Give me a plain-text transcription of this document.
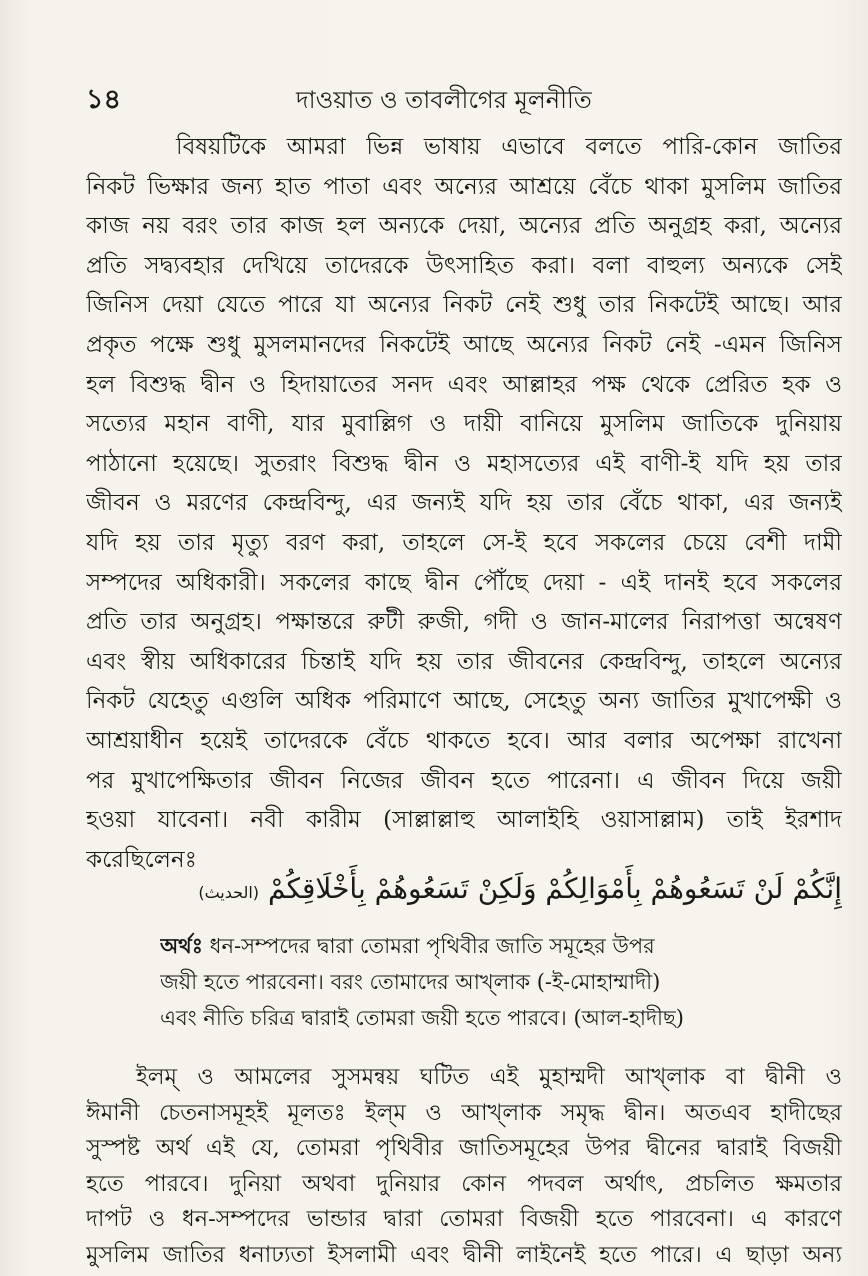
১৪	দাওয়াত ও তাবলীগের মূলনীতি
বিষয়টিকে আমরা ভিন্ন ভাষায় এভাবে বলতে পারি-কোন জাতির
নিকট ভিক্ষার জন্য হাত পাতা এবং অন্যের আশ্রয়ে বেঁচে থাকা মুসলিম জাতির
কাজ নয় বরং তার কাজ হল অন্যকে দেয়া, অন্যের প্রতি অনুগ্রহ করা, অন্যের
প্রতি সদ্ব্যবহার দেখিয়ে তাদেরকে উৎসাহিত করা। বলা বাহুল্য অন্যকে সেই
জিনিস দেয়া যেতে পারে যা অন্যের নিকট নেই শুধু তার নিকটেই আছে। আর
প্রকৃত পক্ষে শুধু মুসলমানদের নিকটেই আছে অন্যের নিকট নেই -এমন জিনিস
হল বিশুদ্ধ দ্বীন ও হিদায়াতের সনদ এবং আল্লাহর পক্ষ থেকে প্রেরিত হক ও
সত্যের মহান বাণী, যার মুবাল্লিগ ও দায়ী বানিয়ে মুসলিম জাতিকে দুনিয়ায়
পাঠানো হয়েছে। সুতরাং বিশুদ্ধ দ্বীন ও মহাসত্যের এই বাণী-ই যদি হয় তার
জীবন ও মরণের কেন্দ্রবিন্দু, এর জন্যই যদি হয় তার বেঁচে থাকা, এর জন্যই
যদি হয় তার মৃত্যু বরণ করা, তাহলে সে-ই হবে সকলের চেয়ে বেশী দামী
সম্পদের অধিকারী। সকলের কাছে দ্বীন পৌঁছে দেয়া - এই দানই হবে সকলের
প্রতি তার অনুগ্রহ। পক্ষান্তরে রুটী রুজী, গদী ও জান-মালের নিরাপত্তা অন্বেষণ
এবং স্বীয় অধিকারের চিন্তাই যদি হয় তার জীবনের কেন্দ্রবিন্দু, তাহলে অন্যের
নিকট যেহেতু এগুলি অধিক পরিমাণে আছে, সেহেতু অন্য জাতির মুখাপেক্ষী ও
আশ্রয়াধীন হয়েই তাদেরকে বেঁচে থাকতে হবে। আর বলার অপেক্ষা রাখেনা
পর মুখাপেক্ষিতার জীবন নিজের জীবন হতে পারেনা। এ জীবন দিয়ে জয়ী
হওয়া যাবেনা। নবী কারীম (সাল্লাল্লাহু আলাইহি ওয়াসাল্লাম) তাই ইরশাদ
করেছিলেনঃ
إِنَّكُمْ لَنْ تَسَعُوهُمْ بِأَمْوَالِكُمْ وَلَكِنْ تَسَعُوهُمْ بِأَخْلَاقِكُمْ (الحديث)
অর্থঃ ধন-সম্পদের দ্বারা তোমরা পৃথিবীর জাতি সমূহের উপর
জয়ী হতে পারবেনা। বরং তোমাদের আখ্‌লাক (-ই-মোহাম্মাদী)
এবং নীতি চরিত্র দ্বারাই তোমরা জয়ী হতে পারবে। (আল-হাদীছ)
ইলম্ ও আমলের সুসমন্বয় ঘটিত এই মুহাম্মদী আখ্‌লাক বা দ্বীনী ও
ঈমানী চেতনাসমূহই মূলতঃ ইল্‌ম ও আখ্‌লাক সমৃদ্ধ দ্বীন। অতএব হাদীছের
সুস্পষ্ট অর্থ এই যে, তোমরা পৃথিবীর জাতিসমূহের উপর দ্বীনের দ্বারাই বিজয়ী
হতে পারবে। দুনিয়া অথবা দুনিয়ার কোন পদবল অর্থাৎ, প্রচলিত ক্ষমতার
দাপট ও ধন-সম্পদের ভান্ডার দ্বারা তোমরা বিজয়ী হতে পারবেনা। এ কারণে
মুসলিম জাতির ধনাঢ্যতা ইসলামী এবং দ্বীনী লাইনেই হতে পারে। এ ছাড়া অন্য
